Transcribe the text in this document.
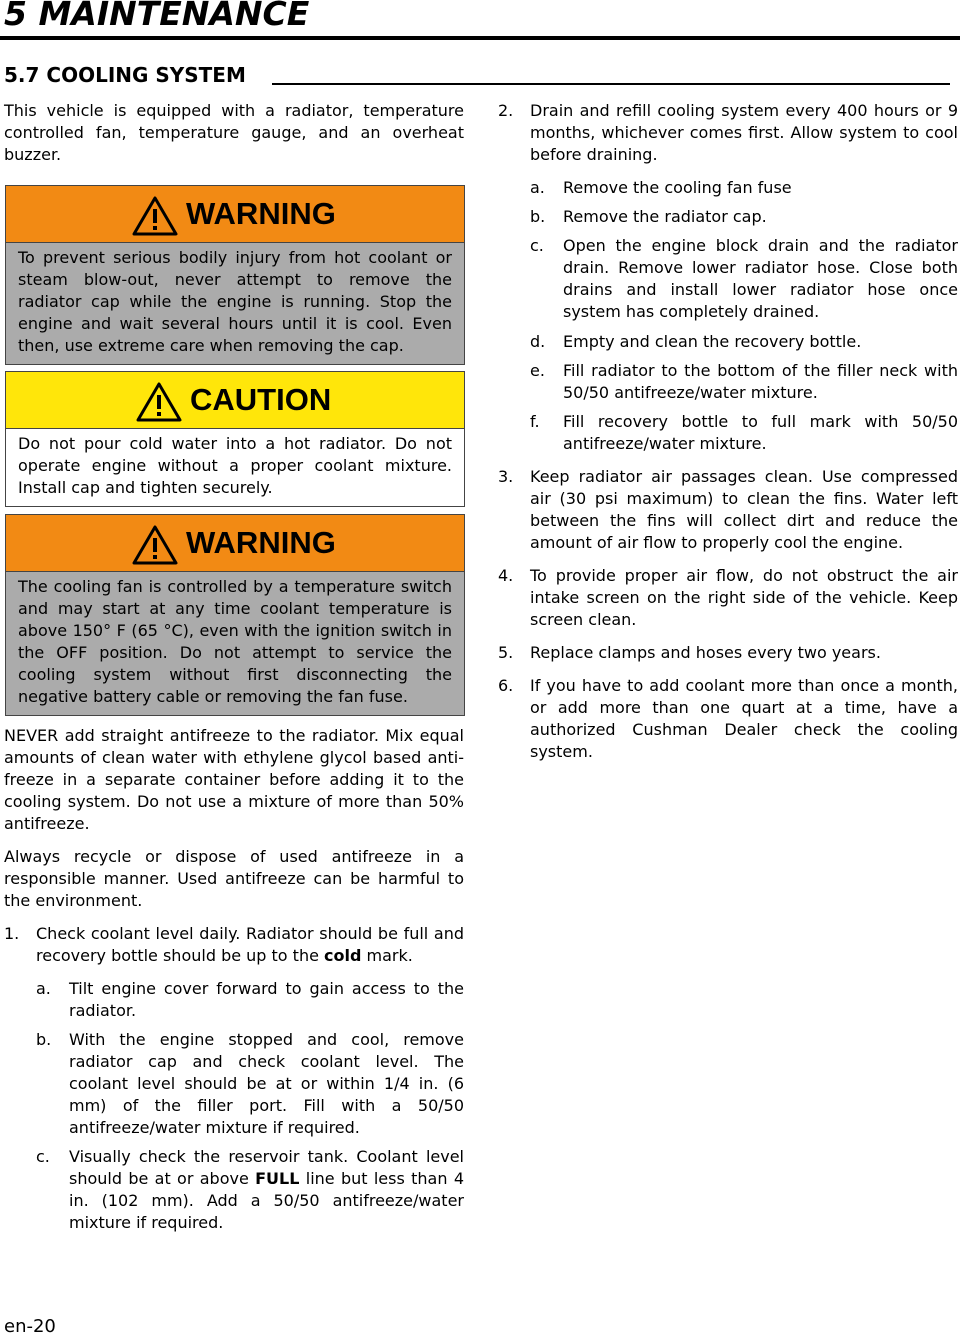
5 MAINTENANCE
5.7 COOLING SYSTEM

This vehicle is equipped with a radiator, temperature controlled fan, temperature gauge, and an overheat buzzer.

WARNING
To prevent serious bodily injury from hot coolant or steam blow-out, never attempt to remove the radiator cap while the engine is running. Stop the engine and wait several hours until it is cool. Even then, use extreme care when removing the cap.
CAUTION
Do not pour cold water into a hot radiator. Do not operate engine without a proper coolant mixture. Install cap and tighten securely.
WARNING
The cooling fan is controlled by a temperature switch and may start at any time coolant temperature is above 150° F (65 °C), even with the ignition switch in the OFF position. Do not attempt to service the cooling system without first disconnecting the negative battery cable or removing the fan fuse.

NEVER add straight antifreeze to the radiator. Mix equal amounts of clean water with ethylene glycol based anti-freeze in a separate container before adding it to the cooling system. Do not use a mixture of more than 50% antifreeze.

Always recycle or dispose of used antifreeze in a responsible manner. Used antifreeze can be harmful to the environment.

1. Check coolant level daily. Radiator should be full and recovery bottle should be up to the cold mark.
a. Tilt engine cover forward to gain access to the radiator.
b. With the engine stopped and cool, remove radiator cap and check coolant level. The coolant level should be at or within 1/4 in. (6 mm) of the filler port. Fill with a 50/50 antifreeze/water mixture if required.
c. Visually check the reservoir tank. Coolant level should be at or above FULL line but less than 4 in. (102 mm). Add a 50/50 antifreeze/water mixture if required.
2. Drain and refill cooling system every 400 hours or 9 months, whichever comes first. Allow system to cool before draining.
a. Remove the cooling fan fuse
b. Remove the radiator cap.
c. Open the engine block drain and the radiator drain. Remove lower radiator hose. Close both drains and install lower radiator hose once system has completely drained.
d. Empty and clean the recovery bottle.
e. Fill radiator to the bottom of the filler neck with 50/50 antifreeze/water mixture.
f. Fill recovery bottle to full mark with 50/50 antifreeze/water mixture.
3. Keep radiator air passages clean. Use compressed air (30 psi maximum) to clean the fins. Water left between the fins will collect dirt and reduce the amount of air flow to properly cool the engine.
4. To provide proper air flow, do not obstruct the air intake screen on the right side of the vehicle. Keep screen clean.
5. Replace clamps and hoses every two years.
6. If you have to add coolant more than once a month, or add more than one quart at a time, have a authorized Cushman Dealer check the cooling system.
en-20
